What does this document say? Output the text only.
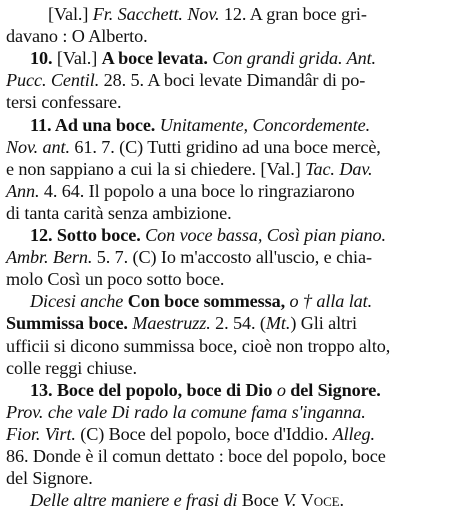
[Val.] Fr. Sacchett. Nov. 12. A gran boce gri-
davano : O Alberto.
10. [Val.] A boce levata. Con grandi grida. Ant.
Pucc. Centil. 28. 5. A boci levate Dimandâr di po-
tersi confessare.
11. Ad una boce. Unitamente, Concordemente.
Nov. ant. 61. 7. (C) Tutti gridino ad una boce mercè,
e non sappiano a cui la si chiedere. [Val.] Tac. Dav.
Ann. 4. 64. Il popolo a una boce lo ringraziarono
di tanta carità senza ambizione.
12. Sotto boce. Con voce bassa, Così pian piano.
Ambr. Bern. 5. 7. (C) Io m'accosto all'uscio, e chia-
molo Così un poco sotto boce.
Dicesi anche Con boce sommessa, o † alla lat.
Summissa boce. Maestruzz. 2. 54. (Mt.) Gli altri
ufficii si dicono summissa boce, cioè non troppo alto,
colle reggi chiuse.
13. Boce del popolo, boce di Dio o del Signore.
Prov. che vale Di rado la comune fama s'inganna.
Fior. Virt. (C) Boce del popolo, boce d'Iddio. Alleg.
86. Donde è il comun dettato : boce del popolo, boce
del Signore.
Delle altre maniere e frasi di Boce V. Voce.
